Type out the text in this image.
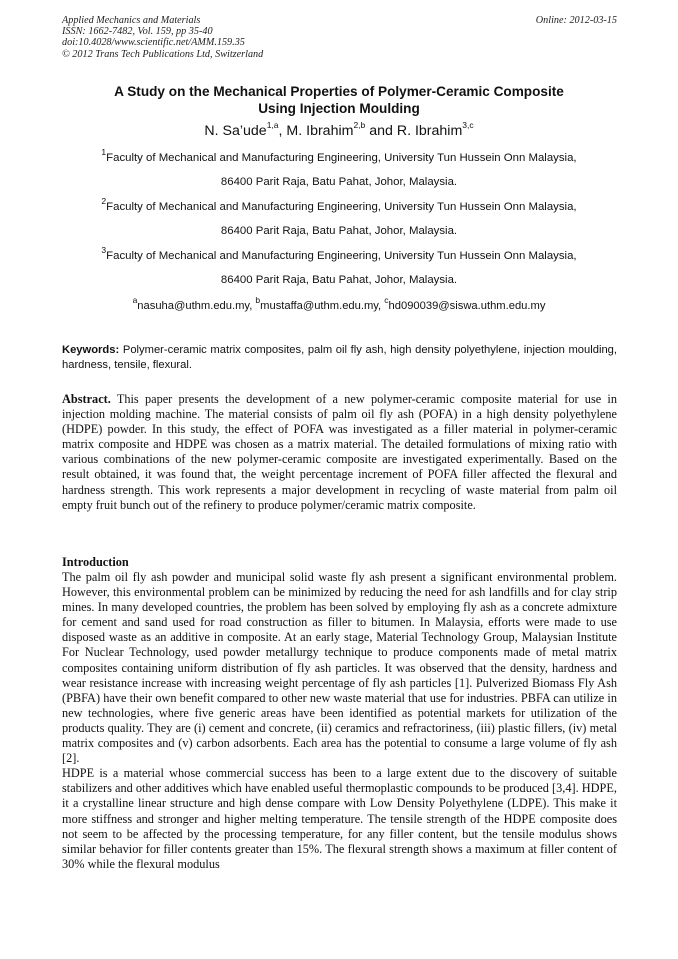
Applied Mechanics and Materials
ISSN: 1662-7482, Vol. 159, pp 35-40
doi:10.4028/www.scientific.net/AMM.159.35
© 2012 Trans Tech Publications Ltd, Switzerland
Online: 2012-03-15
A Study on the Mechanical Properties of Polymer-Ceramic Composite
Using Injection Moulding
N. Sa’ude$^{1,a}$, M. Ibrahim$^{2,b}$ and R. Ibrahim$^{3,c}$
$^1$Faculty of Mechanical and Manufacturing Engineering, University Tun Hussein Onn Malaysia,
86400 Parit Raja, Batu Pahat, Johor, Malaysia.
$^2$Faculty of Mechanical and Manufacturing Engineering, University Tun Hussein Onn Malaysia,
86400 Parit Raja, Batu Pahat, Johor, Malaysia.
$^3$Faculty of Mechanical and Manufacturing Engineering, University Tun Hussein Onn Malaysia,
86400 Parit Raja, Batu Pahat, Johor, Malaysia.
$^a$nasuha@uthm.edu.my, $^b$mustaffa@uthm.edu.my, $^c$hd090039@siswa.uthm.edu.my
Keywords: Polymer-ceramic matrix composites, palm oil fly ash, high density polyethylene, injection moulding, hardness, tensile, flexural.
Abstract. This paper presents the development of a new polymer-ceramic composite material for use in injection molding machine. The material consists of palm oil fly ash (POFA) in a high density polyethylene (HDPE) powder. In this study, the effect of POFA was investigated as a filler material in polymer-ceramic matrix composite and HDPE was chosen as a matrix material. The detailed formulations of mixing ratio with various combinations of the new polymer-ceramic composite are investigated experimentally. Based on the result obtained, it was found that, the weight percentage increment of POFA filler affected the flexural and hardness strength. This work represents a major development in recycling of waste material from palm oil empty fruit bunch out of the refinery to produce polymer/ceramic matrix composite.
Introduction

The palm oil fly ash powder and municipal solid waste fly ash present a significant environmental problem. However, this environmental problem can be minimized by reducing the need for ash landfills and for clay strip mines. In many developed countries, the problem has been solved by employing fly ash as a concrete admixture for cement and sand used for road construction as filler to bitumen. In Malaysia, efforts were made to use disposed waste as an additive in composite. At an early stage, Material Technology Group, Malaysian Institute For Nuclear Technology, used powder metallurgy technique to produce components made of metal matrix composites containing uniform distribution of fly ash particles. It was observed that the density, hardness and wear resistance increase with increasing weight percentage of fly ash particles [1]. Pulverized Biomass Fly Ash (PBFA) have their own benefit compared to other new waste material that use for industries. PBFA can utilize in new technologies, where five generic areas have been identified as potential markets for utilization of the products quality. They are (i) cement and concrete, (ii) ceramics and refractoriness, (iii) plastic fillers, (iv) metal matrix composites and (v) carbon adsorbents. Each area has the potential to consume a large volume of fly ash [2].

HDPE is a material whose commercial success has been to a large extent due to the discovery of suitable stabilizers and other additives which have enabled useful thermoplastic compounds to be produced [3,4]. HDPE, it a crystalline linear structure and high dense compare with Low Density Polyethylene (LDPE). This make it more stiffness and stronger and higher melting temperature. The tensile strength of the HDPE composite does not seem to be affected by the processing temperature, for any filler content, but the tensile modulus shows similar behavior for filler contents greater than 15%. The flexural strength shows a maximum at filler content of 30% while the flexural modulus
